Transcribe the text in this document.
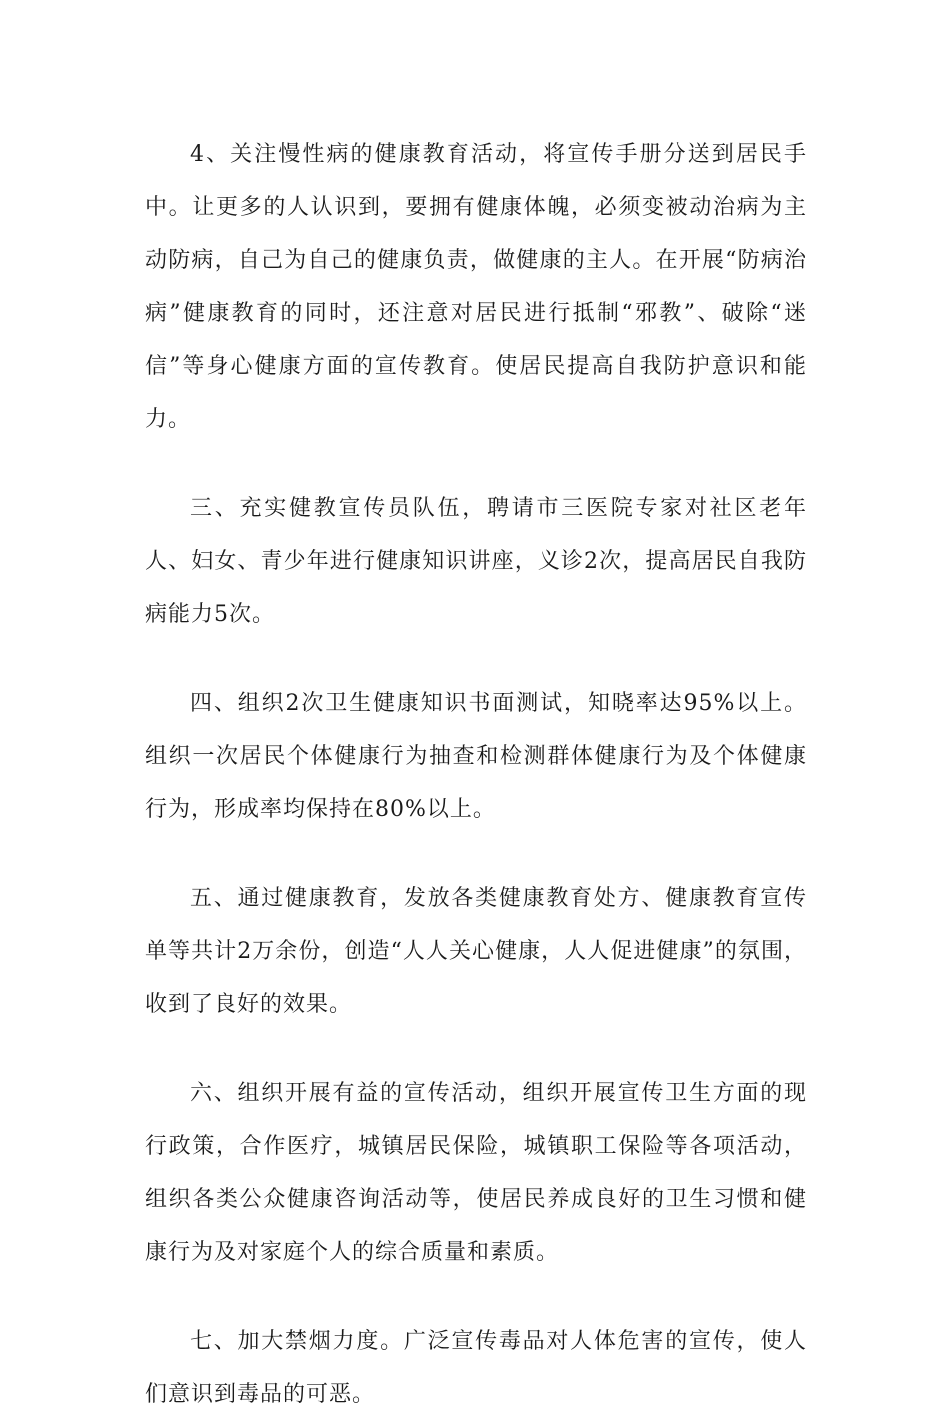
4、关注慢性病的健康教育活动，将宣传手册分送到居民手中。让更多的人认识到，要拥有健康体魄，必须变被动治病为主动防病，自己为自己的健康负责，做健康的主人。在开展“防病治病”健康教育的同时，还注意对居民进行抵制“邪教”、破除“迷信”等身心健康方面的宣传教育。使居民提高自我防护意识和能力。

三、充实健教宣传员队伍，聘请市三医院专家对社区老年人、妇女、青少年进行健康知识讲座，义诊2次，提高居民自我防病能力5次。

四、组织2次卫生健康知识书面测试，知晓率达95%以上。组织一次居民个体健康行为抽查和检测群体健康行为及个体健康行为，形成率均保持在80%以上。

五、通过健康教育，发放各类健康教育处方、健康教育宣传单等共计2万余份，创造“人人关心健康，人人促进健康”的氛围，收到了良好的效果。

六、组织开展有益的宣传活动，组织开展宣传卫生方面的现行政策，合作医疗，城镇居民保险，城镇职工保险等各项活动，组织各类公众健康咨询活动等，使居民养成良好的卫生习惯和健康行为及对家庭个人的综合质量和素质。

七、加大禁烟力度。广泛宣传毒品对人体危害的宣传，使人们意识到毒品的可恶。
